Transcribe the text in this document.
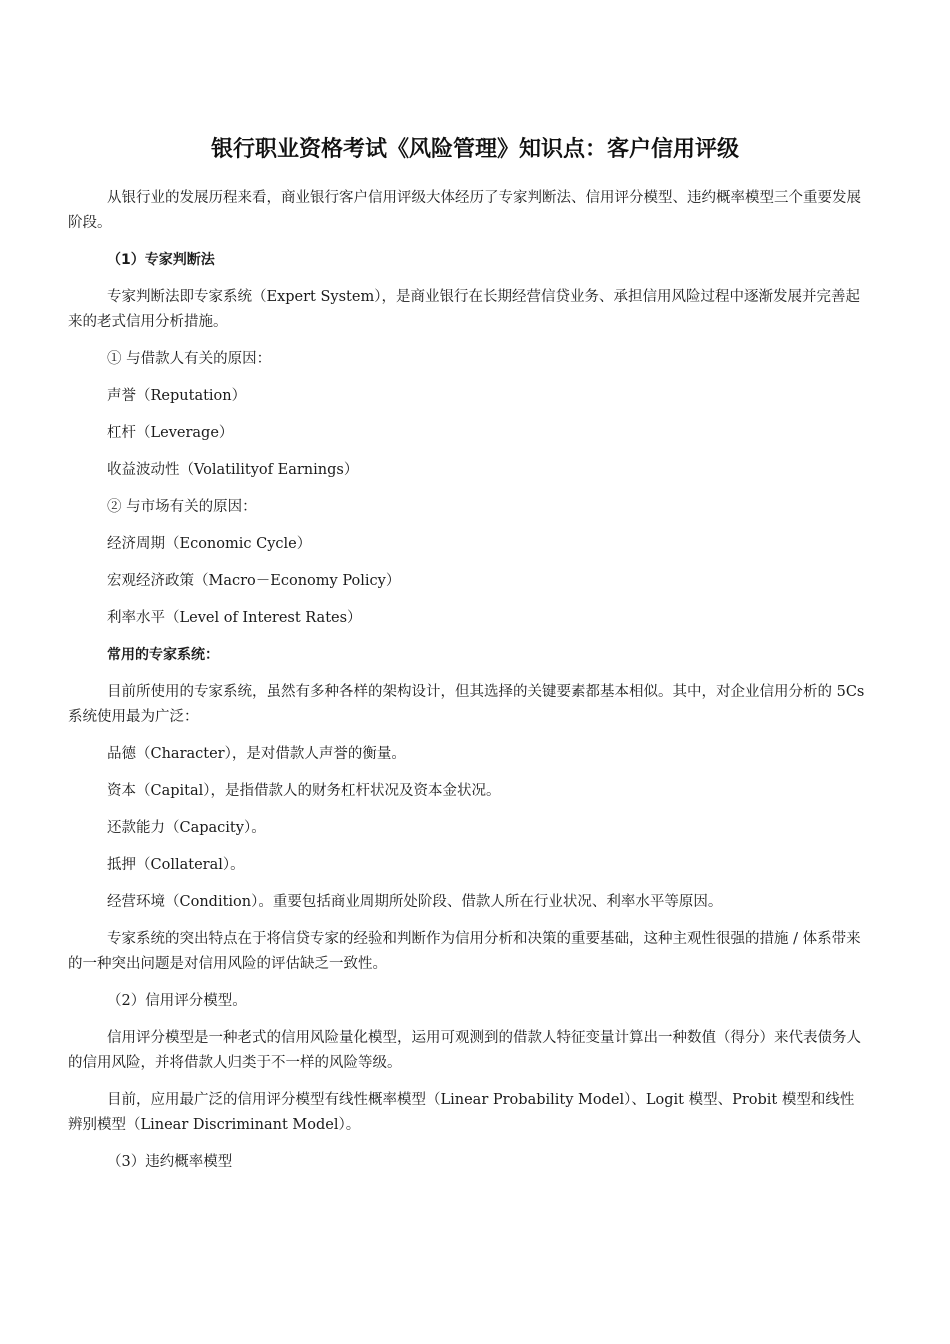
银行职业资格考试《风险管理》知识点：客户信用评级

从银行业的发展历程来看，商业银行客户信用评级大体经历了专家判断法、信用评分模型、违约概率模型三个重要发展阶段。

（1）专家判断法

专家判断法即专家系统（Expert System），是商业银行在长期经营信贷业务、承担信用风险过程中逐渐发展并完善起来的老式信用分析措施。

① 与借款人有关的原因：

声誉（Reputation）

杠杆（Leverage）

收益波动性（Volatilityof Earnings）

② 与市场有关的原因：

经济周期（Economic Cycle）

宏观经济政策（Macro－Economy Policy）

利率水平（Level of Interest Rates）

常用的专家系统：

目前所使用的专家系统，虽然有多种各样的架构设计，但其选择的关键要素都基本相似。其中，对企业信用分析的 5Cs 系统使用最为广泛：

品德（Character），是对借款人声誉的衡量。

资本（Capital），是指借款人的财务杠杆状况及资本金状况。

还款能力（Capacity）。

抵押（Collateral）。

经营环境（Condition）。重要包括商业周期所处阶段、借款人所在行业状况、利率水平等原因。

专家系统的突出特点在于将信贷专家的经验和判断作为信用分析和决策的重要基础，这种主观性很强的措施 / 体系带来的一种突出问题是对信用风险的评估缺乏一致性。

（2）信用评分模型。

信用评分模型是一种老式的信用风险量化模型，运用可观测到的借款人特征变量计算出一种数值（得分）来代表债务人的信用风险，并将借款人归类于不一样的风险等级。

目前，应用最广泛的信用评分模型有线性概率模型（Linear Probability Model）、Logit 模型、Probit 模型和线性辨别模型（Linear Discriminant Model）。

（3）违约概率模型
